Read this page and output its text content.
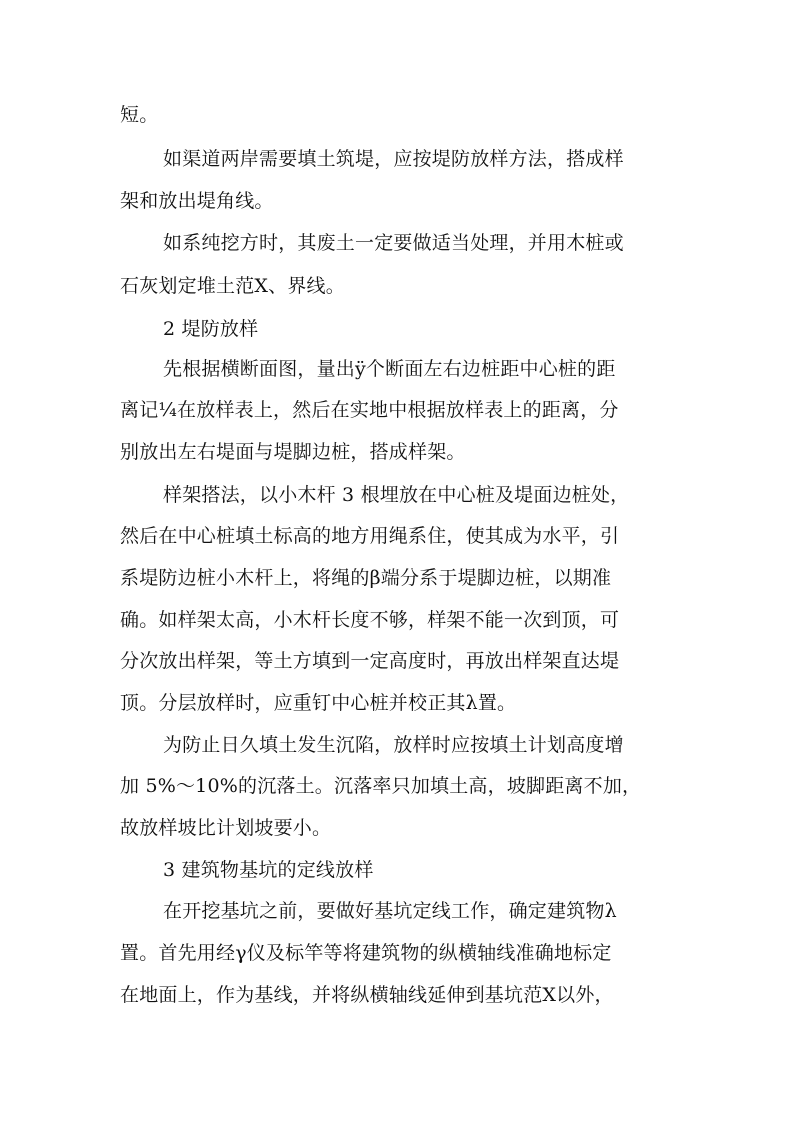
短。
如渠道两岸需要填土筑堤，应按堤防放样方法，搭成样
架和放出堤角线。
如系纯挖方时，其废土一定要做适当处理，并用木桩或
石灰划定堆土范Χ、界线。
2 堤防放样
先根据横断面图，量出ÿ个断面左右边桩距中心桩的距
离记¼在放样表上，然后在实地中根据放样表上的距离，分
别放出左右堤面与堤脚边桩，搭成样架。
样架搭法，以小木杆 3 根埋放在中心桩及堤面边桩处，
然后在中心桩填土标高的地方用绳系住，使其成为水平，引
系堤防边桩小木杆上，将绳的β端分系于堤脚边桩，以期准
确。如样架太高，小木杆长度不够，样架不能一次到顶，可
分次放出样架，等土方填到一定高度时，再放出样架直达堤
顶。分层放样时，应重钉中心桩并校正其λ置。
为防止日久填土发生沉陷，放样时应按填土计划高度增
加 5%～10%的沉落土。沉落率只加填土高，坡脚距离不加，
故放样坡比计划坡要小。
3 建筑物基坑的定线放样
在开挖基坑之前，要做好基坑定线工作，确定建筑物λ
置。首先用经γ仪及标竿等将建筑物的纵横轴线准确地标定
在地面上，作为基线，并将纵横轴线延伸到基坑范Χ以外，
